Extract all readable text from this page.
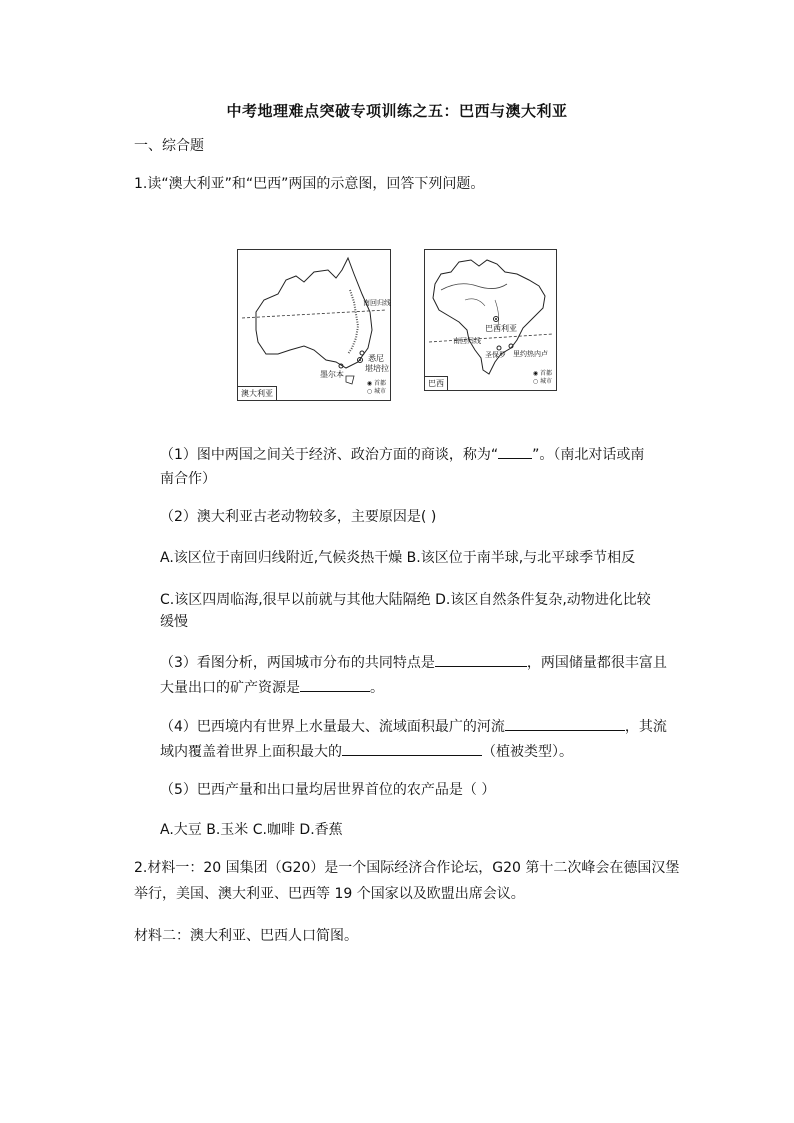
中考地理难点突破专项训练之五：巴西与澳大利亚
一、综合题
1.读“澳大利亚”和“巴西”两国的示意图，回答下列问题。
南回归线
悉尼
堪培拉
墨尔本
◉ 首都
○ 城市
澳大利亚
巴西利亚
南回归线
圣保罗 里约热内卢
◉ 首都
○ 城市
巴西
（1）图中两国之间关于经济、政治方面的商谈，称为“ ”。（南北对话或南
南合作）
（2）澳大利亚古老动物较多，主要原因是( )
A.该区位于南回归线附近,气候炎热干燥 B.该区位于南半球,与北平球季节相反
C.该区四周临海,很早以前就与其他大陆隔绝 D.该区自然条件复杂,动物进化比较
缓慢
（3）看图分析，两国城市分布的共同特点是	，两国储量都很丰富且
大量出口的矿产资源是	。
（4）巴西境内有世界上水量最大、流域面积最广的河流	，其流
域内覆盖着世界上面积最大的	（植被类型）。
（5）巴西产量和出口量均居世界首位的农产品是（ ）
A.大豆 B.玉米 C.咖啡 D.香蕉
2.材料一：20 国集团（G20）是一个国际经济合作论坛，G20 第十二次峰会在德国汉堡
举行，美国、澳大利亚、巴西等 19 个国家以及欧盟出席会议。
材料二：澳大利亚、巴西人口简图。
